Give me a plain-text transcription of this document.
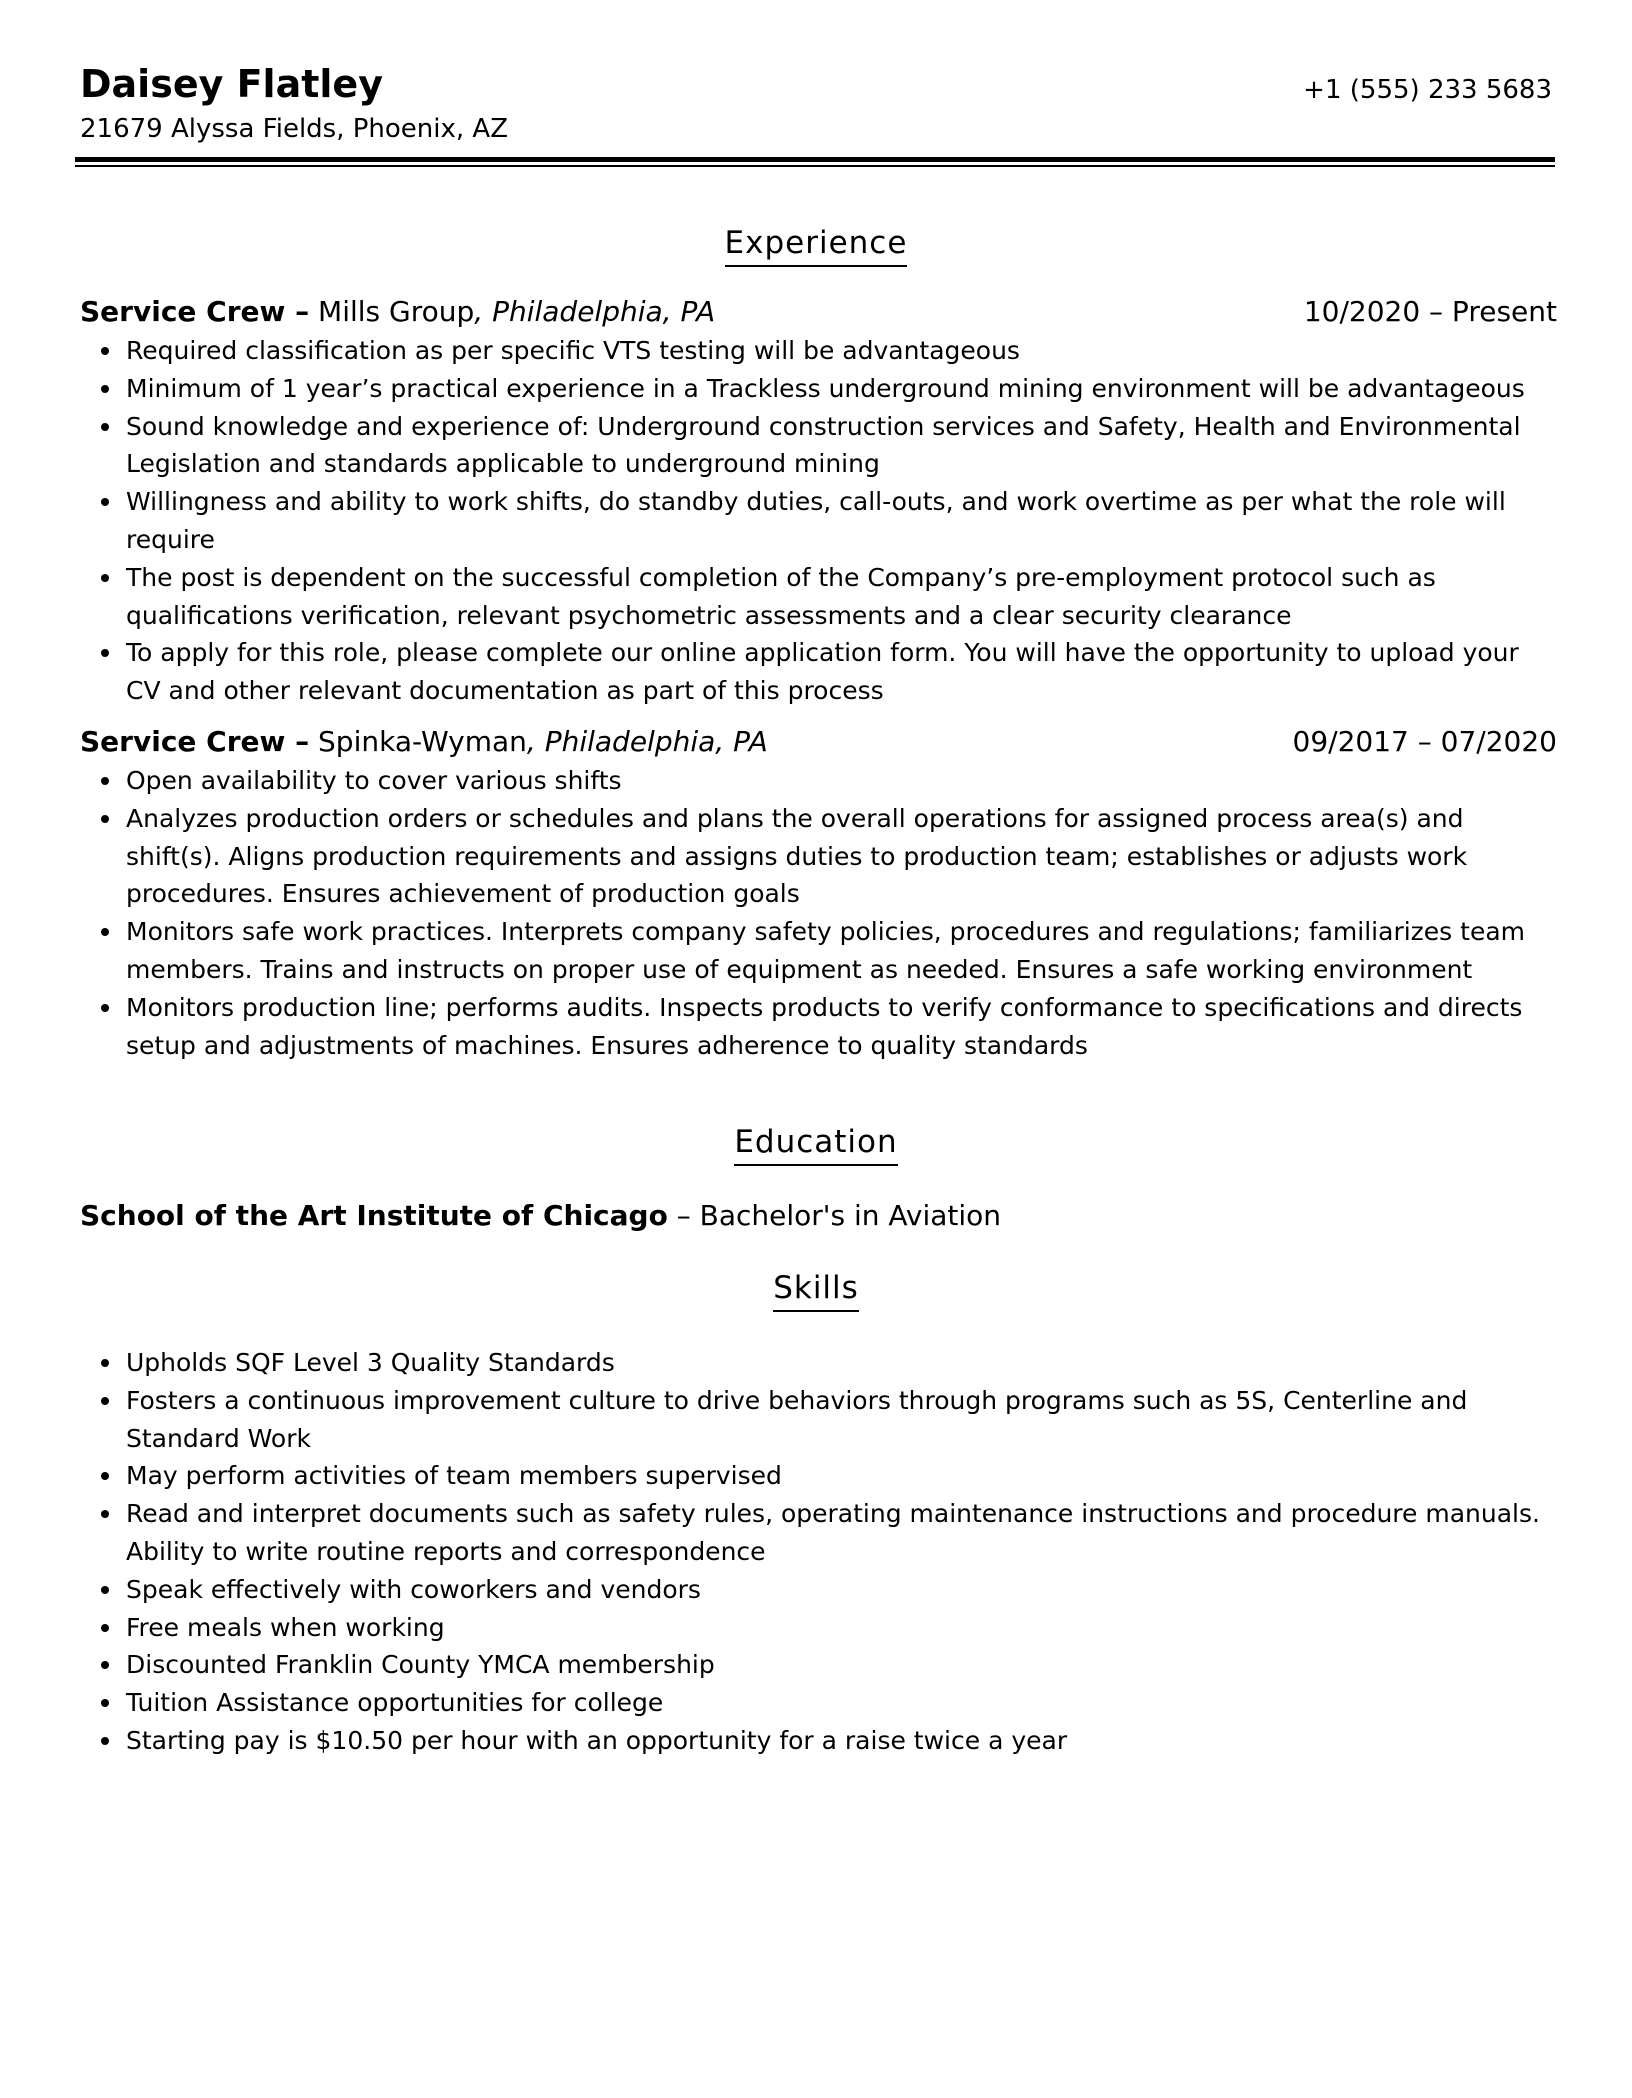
Daisey Flatley
21679 Alyssa Fields, Phoenix, AZ
+1 (555) 233 5683
Experience
Service Crew – Mills Group, Philadelphia, PA	10/2020 – Present
Required classification as per specific VTS testing will be advantageous
Minimum of 1 year’s practical experience in a Trackless underground mining environment will be advantageous
Sound knowledge and experience of: Underground construction services and Safety, Health and Environmental Legislation and standards applicable to underground mining
Willingness and ability to work shifts, do standby duties, call-outs, and work overtime as per what the role will require
The post is dependent on the successful completion of the Company’s pre-employment protocol such as qualifications verification, relevant psychometric assessments and a clear security clearance
To apply for this role, please complete our online application form. You will have the opportunity to upload your CV and other relevant documentation as part of this process
Service Crew – Spinka-Wyman, Philadelphia, PA	09/2017 – 07/2020
Open availability to cover various shifts
Analyzes production orders or schedules and plans the overall operations for assigned process area(s) and shift(s). Aligns production requirements and assigns duties to production team; establishes or adjusts work procedures. Ensures achievement of production goals
Monitors safe work practices. Interprets company safety policies, procedures and regulations; familiarizes team members. Trains and instructs on proper use of equipment as needed. Ensures a safe working environment
Monitors production line; performs audits. Inspects products to verify conformance to specifications and directs setup and adjustments of machines. Ensures adherence to quality standards
Education
School of the Art Institute of Chicago – Bachelor's in Aviation
Skills
Upholds SQF Level 3 Quality Standards
Fosters a continuous improvement culture to drive behaviors through programs such as 5S, Centerline and Standard Work
May perform activities of team members supervised
Read and interpret documents such as safety rules, operating maintenance instructions and procedure manuals. Ability to write routine reports and correspondence
Speak effectively with coworkers and vendors
Free meals when working
Discounted Franklin County YMCA membership
Tuition Assistance opportunities for college
Starting pay is $10.50 per hour with an opportunity for a raise twice a year
